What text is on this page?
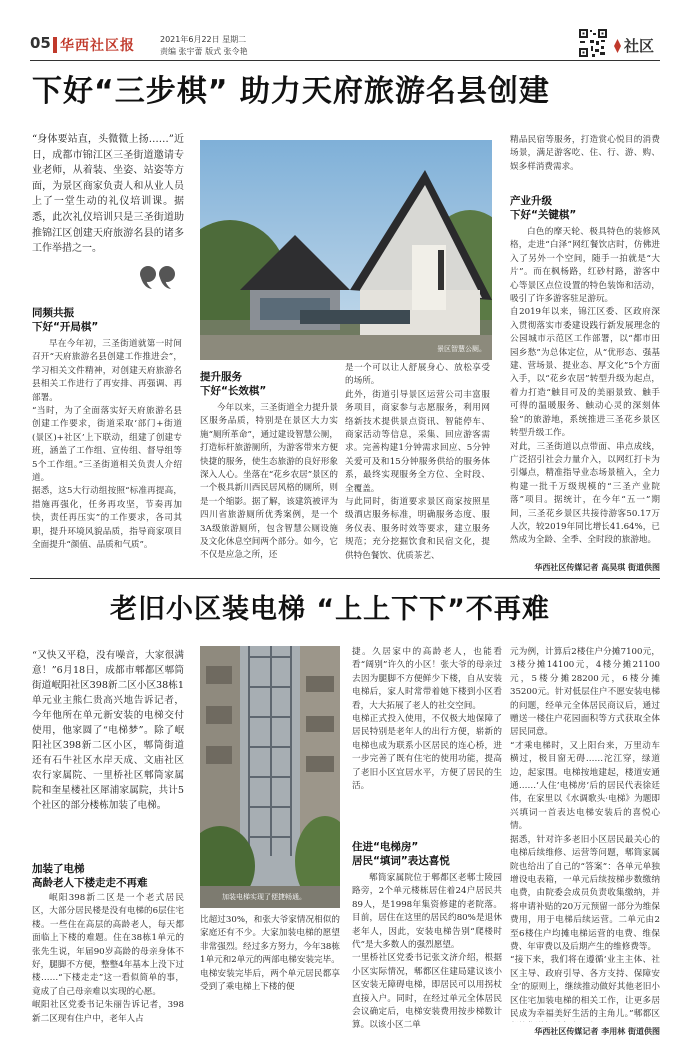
05 华西社区报	2021年6月22日 星期二
责编 张宇蕾 版式 张令艳	社区
下好“三步棋” 助力天府旅游名县创建
“身体要站直，头微微上扬……”近日，成都市锦江区三圣街道邀请专业老师，从着装、坐姿、站姿等方面，为景区商家负责人和从业人员上了一堂生动的礼仪培训课。据悉，此次礼仪培训只是三圣街道助推锦江区创建天府旅游名县的诸多工作举措之一。
同频共振
下好“开局棋”
早在今年初，三圣街道就第一时间召开“天府旅游名县创建工作推进会”，学习相关文件精神，对创建天府旅游名县相关工作进行了再安排、再强调、再部署。
“当时，为了全面落实好天府旅游名县创建工作要求，街道采取‘部门+街道(景区)+社区’上下联动，组建了创建专班，涵盖了工作组、宣传组、督导组等5个工作组。”三圣街道相关负责人介绍道。
据悉，这5大行动组按照“标准再提高，措施再强化，任务再攻坚，节奏再加快，责任再压实”的工作要求，各司其职，提升环境风貌品质，指导商家项目全面提升“颜值、品质和气质”。
景区智慧公厕。
提升服务
下好“长效棋”
今年以来，三圣街道全力提升景区服务品质，特别是在景区大力实施“厕所革命”，通过建设智慧公厕，打造标杆旅游厕所，为游客带来方便快捷的服务，使生态旅游的良好形象深入人心。坐落在“花乡农居”景区的一个极具新川西民居风格的厕所，则是一个缩影。据了解，该建筑被评为四川省旅游厕所优秀案例，是一个3A级旅游厕所，包含智慧公厕设施及文化休息空间两个部分。如今，它不仅是应急之所，还
是一个可以让人舒展身心、放松享受的场所。
此外，街道引导景区运营公司丰富服务项目，商家参与志愿服务，利用网络新技术提供景点资讯、智能停车、商家活动等信息，采集、回应游客需求。完善构建1分钟需求回应、5分钟关爱可及和15分钟服务供给的服务体系，最终实现服务全方位、全时段、全覆盖。
与此同时，街道要求景区商家按照星级酒店服务标准，明确服务态度、服务仪表、服务时效等要求，建立服务规范；充分挖掘饮食和民宿文化，提供特色餐饮、优质茶艺、
精品民宿等服务，打造赏心悦目的消费场景，满足游客吃、住、行、游、购、娱多样消费需求。
产业升级
下好“关键棋”
白色的摩天轮、极具特色的装修风格，走进“白泽”网红餐饮店时，仿佛进入了另外一个空间，随手一拍就是“大片”。而在枫杨路，红砂村路，游客中心等景区点位设置的特色装饰和活动，吸引了许多游客驻足游玩。
自2019年以来，锦江区委、区政府深入贯彻落实市委建设践行新发展理念的公园城市示范区工作部署，以“都市田园乡愁”为总体定位，从“优形态、强基建、营场景、提业态、厚文化”5个方面入手，以“花乡农居”转型升级为起点，着力打造“触目可及的美丽景致、触手可得的温暖服务、触动心灵的深刻体验”的旅游地，系统推进三圣花乡景区转型升级工作。
对此，三圣街道以点带面、串点成线，广泛招引社会力量介入，以网红打卡为引爆点，精准指导业态场景植入，全力构建一批千万级规模的“三圣产业院落”项目。据统计，在今年“五一”期间，三圣花乡景区共接待游客50.17万人次，较2019年同比增长41.64%，已然成为全龄、全季、全时段的旅游地。
华西社区传媒记者 高昊琪 街道供图
老旧小区装电梯 “上上下下”不再难
“又快又平稳，没有噪音，大家很满意！”6月18日，成都市郫都区郫筒街道岷阳社区398新二区小区38栋1单元业主熊仁贵高兴地告诉记者，今年他所在单元新安装的电梯交付使用，他家圆了“电梯梦”。除了岷阳社区398新二区小区，郫筒街道还有石牛社区水岸天成、文庙社区农行家属院、一里桥社区郫筒家属院和奎星楼社区犀浦家属院，共计5个社区的部分楼栋加装了电梯。
加装了电梯
高龄老人下楼走走不再难
岷阳398新二区是一个老式居民区，大部分居民楼是没有电梯的6层住宅楼。一些住在高层的高龄老人，每天都面临上下楼的难题。住在38栋1单元的张先生说，年届90岁高龄的母亲身体不好，腿脚不方便，整整4年基本上没下过楼……“下楼走走”这一看似简单的事，竟成了自己母亲难以实现的心愿。
岷阳社区党委书记朱丽告诉记者，398新二区现有住户中，老年人占
加装电梯实现了便捷畅通。
比超过30%，和张大爷家情况相似的家庭还有不少。大家加装电梯的愿望非常强烈。经过多方努力，今年38栋1单元和2单元的两部电梯安装完毕。
电梯安装完毕后，两个单元居民都享受到了乘电梯上下楼的便
捷。久居家中的高龄老人，也能看看“阔别”许久的小区！张大爷的母亲过去因为腿脚不方便鲜少下楼，自从安装电梯后，家人时常带着她下楼到小区看看，大大拓展了老人的社交空间。
电梯正式投入使用，不仅极大地保障了居民特别是老年人的出行方便，崭新的电梯也成为联系小区居民的连心桥，进一步完善了既有住宅的使用功能，提高了老旧小区宜居水平，方便了居民的生活。
住进“电梯房”
居民“填词”表达喜悦
郫筒家属院位于郫都区老郫士陵园路旁，2个单元楼栋居住着24户居民共89人，是1998年集资修建的老院落。目前，居住在这里的居民约80%是退休老年人，因此，安装电梯告别“爬楼时代”是大多数人的强烈愿望。
一里桥社区党委书记张文济介绍，根据小区实际情况，郫都区住建局建议该小区安装无障碍电梯，即居民可以用拐杖直接入户。同时，在经过单元全体居民会议确定后，电梯安装费用按步梯数计算。以该小区二单
元为例，计算后2楼住户分摊7100元，3楼分摊14100元，4楼分摊21100元，5楼分摊28200元，6楼分摊35200元。针对低层住户不愿安装电梯的问题，经单元全体居民商议后，通过赠送一楼住户花园面积等方式获取全体居民同意。
“才乘电梯时，又上阳台来，万里动车横过，极目窗无碍……沱江穿，绿道边，起家围。电梯按地建起，楼道安通通……‘人住’电梯房’后的居民代表徐廷伟，在家里以《水调歌头·电梯》为题即兴填词一首表达电梯安装后的喜悦心情。
据悉，针对许多老旧小区居民最关心的电梯后续维修、运营等问题，郫筒家属院也给出了自己的“答案”：各单元单独增设电表箱，一单元后续按梯步数缴纳电费，由院委会成员负责收集缴纳，并将申请补贴的20万元预留一部分为维保费用，用于电梯后续运营。二单元由2至6楼住户均摊电梯运营的电费、维保费、年审费以及后期产生的维修费等。
“接下来，我们将在遵循‘业主主体、社区主导、政府引导、各方支持、保障安全’的原则上，继续推动做好其他老旧小区住宅加装电梯的相关工作，让更多居民成为幸福美好生活的主角儿。”郫都区
华西社区传媒记者 李用林 街道供图
